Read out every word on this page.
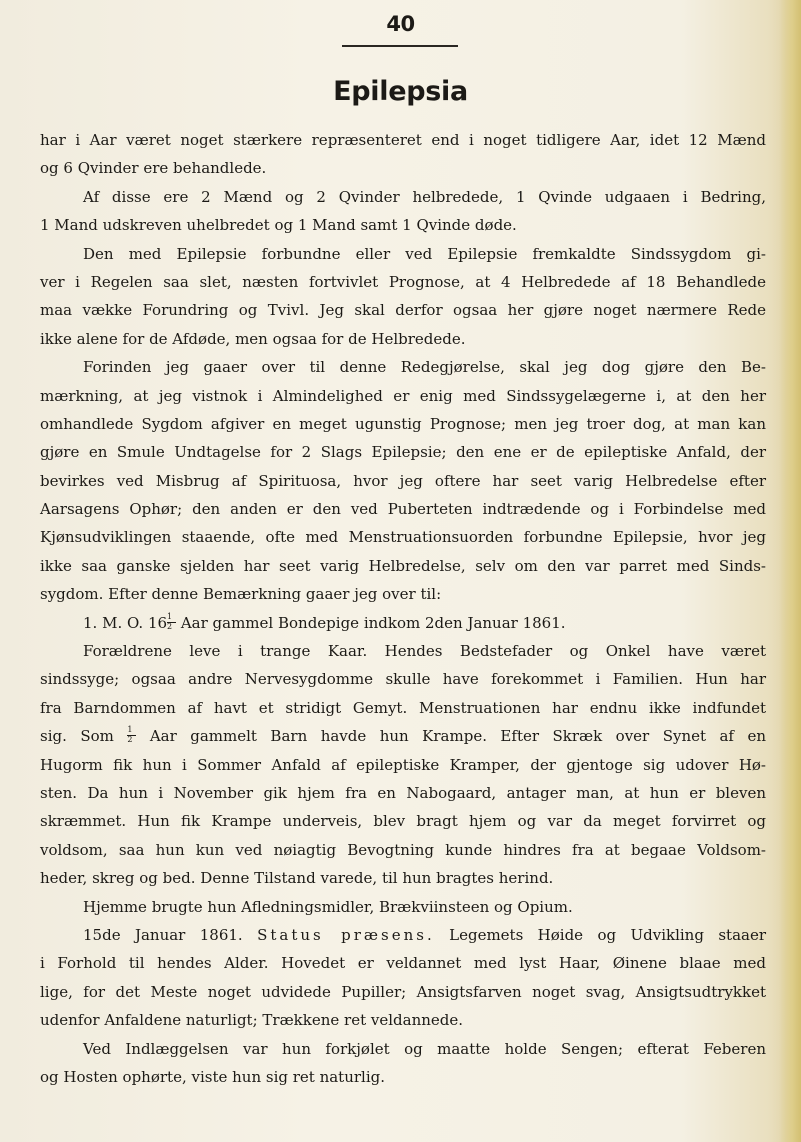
40
Epilepsia
har i Aar været noget stærkere repræsenteret end i noget tidligere Aar, idet 12 Mænd
og 6 Qvinder ere behandlede.
Af disse ere 2 Mænd og 2 Qvinder helbredede, 1 Qvinde udgaaen i Bedring,
1 Mand udskreven uhelbredet og 1 Mand samt 1 Qvinde døde.
Den med Epilepsie forbundne eller ved Epilepsie fremkaldte Sindssygdom gi-
ver i Regelen saa slet, næsten fortvivlet Prognose, at 4 Helbredede af 18 Behandlede
maa vække Forundring og Tvivl. Jeg skal derfor ogsaa her gjøre noget nærmere Rede
ikke alene for de Afdøde, men ogsaa for de Helbredede.
Forinden jeg gaaer over til denne Redegjørelse, skal jeg dog gjøre den Be-
mærkning, at jeg vistnok i Almindelighed er enig med Sindssygelægerne i, at den her
omhandlede Sygdom afgiver en meget ugunstig Prognose; men jeg troer dog, at man kan
gjøre en Smule Undtagelse for 2 Slags Epilepsie; den ene er de epileptiske Anfald, der
bevirkes ved Misbrug af Spirituosa, hvor jeg oftere har seet varig Helbredelse efter
Aarsagens Ophør; den anden er den ved Puberteten indtrædende og i Forbindelse med
Kjønsudviklingen staaende, ofte med Menstruationsuorden forbundne Epilepsie, hvor jeg
ikke saa ganske sjelden har seet varig Helbredelse, selv om den var parret med Sinds-
sygdom. Efter denne Bemærkning gaaer jeg over til:
1. M. O. $16 \frac{1}{2}$ Aar gammel Bondepige indkom 2den Januar 1861.
Forældrene leve i trange Kaar. Hendes Bedstefader og Onkel have været
sindssyge; ogsaa andre Nervesygdomme skulle have forekommet i Familien. Hun har
fra Barndommen af havt et stridigt Gemyt. Menstruationen har endnu ikke indfundet
sig. Som $\frac{1}{2}$ Aar gammelt Barn havde hun Krampe. Efter Skræk over Synet af en
Hugorm fik hun i Sommer Anfald af epileptiske Kramper, der gjentoge sig udover Hø-
sten. Da hun i November gik hjem fra en Nabogaard, antager man, at hun er bleven
skræmmet. Hun fik Krampe underveis, blev bragt hjem og var da meget forvirret og
voldsom, saa hun kun ved nøiagtig Bevogtning kunde hindres fra at begaae Voldsom-
heder, skreg og bed. Denne Tilstand varede, til hun bragtes herind.
Hjemme brugte hun Afledningsmidler, Brækviinsteen og Opium.
15de Januar 1861. Status præsens. Legemets Høide og Udvikling staaer
i Forhold til hendes Alder. Hovedet er veldannet med lyst Haar, Øinene blaae med
lige, for det Meste noget udvidede Pupiller; Ansigtsfarven noget svag, Ansigtsudtrykket
udenfor Anfaldene naturligt; Trækkene ret veldannede.
Ved Indlæggelsen var hun forkjølet og maatte holde Sengen; efterat Feberen
og Hosten ophørte, viste hun sig ret naturlig.
